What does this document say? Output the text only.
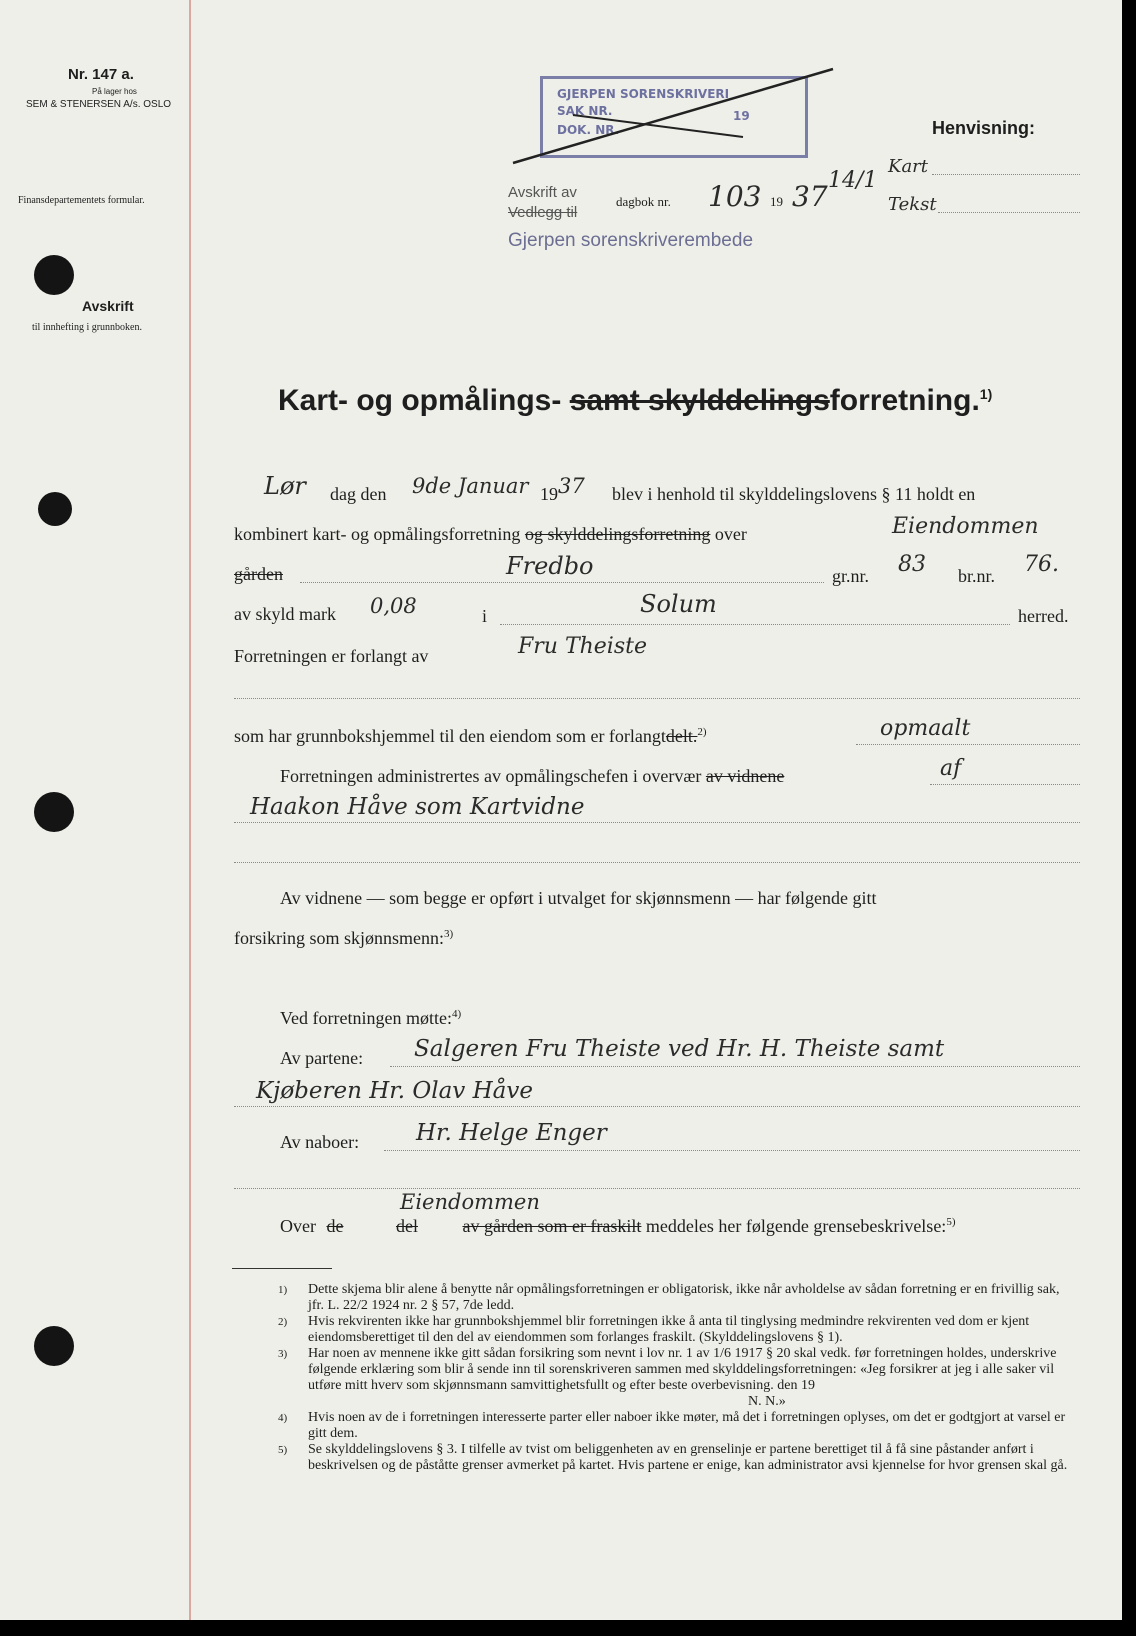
Nr. 147 a.
På lager hos
SEM & STENERSEN A/s. OSLO
Finansdepartementets formular.
Avskrift
til innhefting i grunnboken.
GJERPEN SORENSKRIVERI
SAK NR.	19
DOK. NR.
Avskrift av
Vedlegg til
dagbok nr. 103 19 37 14/1
Gjerpen sorenskriverembede
Henvisning:
Kart
Tekst
Kart- og opmålings- samt skylddelingsforretning.$^{1)}$
Lør dag den 9de Januar 19 37 blev i henhold til skylddelingslovens § 11 holdt en
kombinert kart- og opmålingsforretning og skylddelingsforretning over	Eiendommen
gården	Fredbo	gr.nr. 83 br.nr. 76.
av skyld mark 0,08	i	Solum	herred.
Forretningen er forlangt av	Fru Theiste
som har grunnbokshjemmel til den eiendom som er forlangtdelt.$^{2)}$	opmaalt
Forretningen administrertes av opmålingschefen i overvær av vidnene	af
Haakon Håve som Kartvidne
Av vidnene — som begge er opført i utvalget for skjønnsmenn — har følgende gitt
forsikring som skjønnsmenn:$^{3)}$
Ved forretningen møtte:$^{4)}$
Av partene: Salgeren Fru Theiste ved Hr. H. Theiste samt
Kjøberen Hr. Olav Håve
Av naboer: Hr. Helge Enger
Eiendommen
Over de	del av gården som er fraskilt meddeles her følgende grensebeskrivelse:$^{5)}$
1) Dette skjema blir alene å benytte når opmålingsforretningen er obligatorisk, ikke når avholdelse av sådan forretning er en frivillig sak, jfr. L. 22/2 1924 nr. 2 § 57, 7de ledd.
2) Hvis rekvirenten ikke har grunnbokshjemmel blir forretningen ikke å anta til tinglysing medmindre rekvirenten ved dom er kjent eiendomsberettiget til den del av eiendommen som forlanges fraskilt. (Skylddelingslovens § 1).
3) Har noen av mennene ikke gitt sådan forsikring som nevnt i lov nr. 1 av 1/6 1917 § 20 skal vedk. før forretningen holdes, underskrive følgende erklæring som blir å sende inn til sorenskriveren sammen med skylddelingsforretningen: «Jeg forsikrer at jeg i alle saker vil utføre mitt hverv som skjønnsmann samvittighetsfullt og efter beste overbevisning. den 19
N. N.»
4) Hvis noen av de i forretningen interesserte parter eller naboer ikke møter, må det i forretningen oplyses, om det er godtgjort at varsel er gitt dem.
5) Se skylddelingslovens § 3. I tilfelle av tvist om beliggenheten av en grenselinje er partene berettiget til å få sine påstander anført i beskrivelsen og de påståtte grenser avmerket på kartet. Hvis partene er enige, kan administrator avsi kjennelse for hvor grensen skal gå.
